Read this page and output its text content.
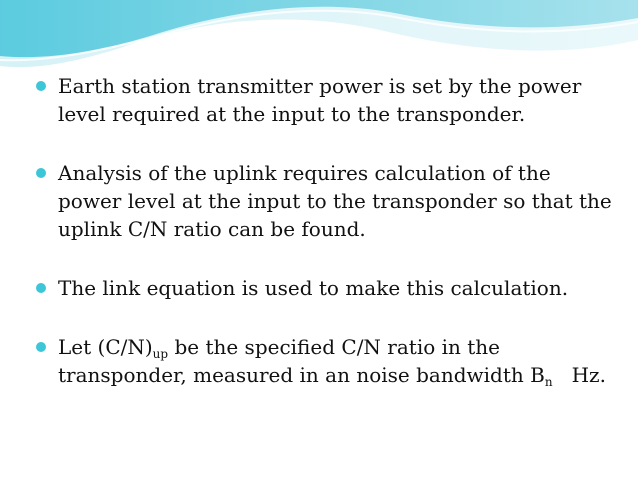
Earth station transmitter power is set by the power level required at the input to the transponder.
Analysis of the uplink requires calculation of the power level at the input to the transponder so that the uplink C/N ratio can be found.
The link equation is used to make this calculation.
Let $(C/N)_{up}$ be the specified C/N ratio in the transponder, measured in an noise bandwidth $B_n$   Hz.
